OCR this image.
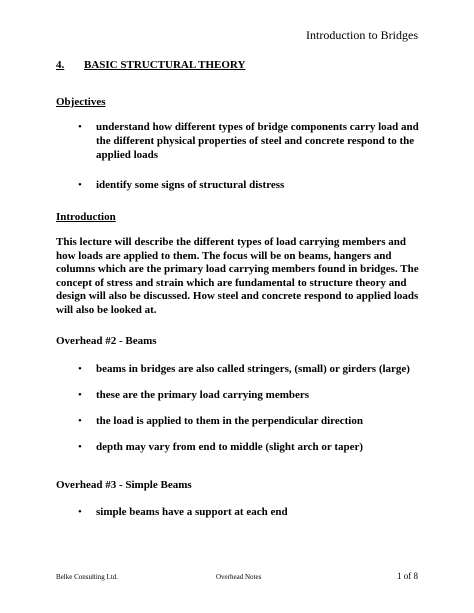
Introduction to Bridges
4. BASIC STRUCTURAL THEORY
Objectives
• understand how different types of bridge components carry load and the different physical properties of steel and concrete respond to the applied loads
• identify some signs of structural distress
Introduction

This lecture will describe the different types of load carrying members and how loads are applied to them. The focus will be on beams, hangers and columns which are the primary load carrying members found in bridges. The concept of stress and strain which are fundamental to structure theory and design will also be discussed. How steel and concrete respond to applied loads will also be looked at.

Overhead #2 - Beams
• beams in bridges are also called stringers, (small) or girders (large)
• these are the primary load carrying members
• the load is applied to them in the perpendicular direction
• depth may vary from end to middle (slight arch or taper)
Overhead #3 - Simple Beams
• simple beams have a support at each end
Belke Consulting Ltd.	Overhead Notes	1 of 8
